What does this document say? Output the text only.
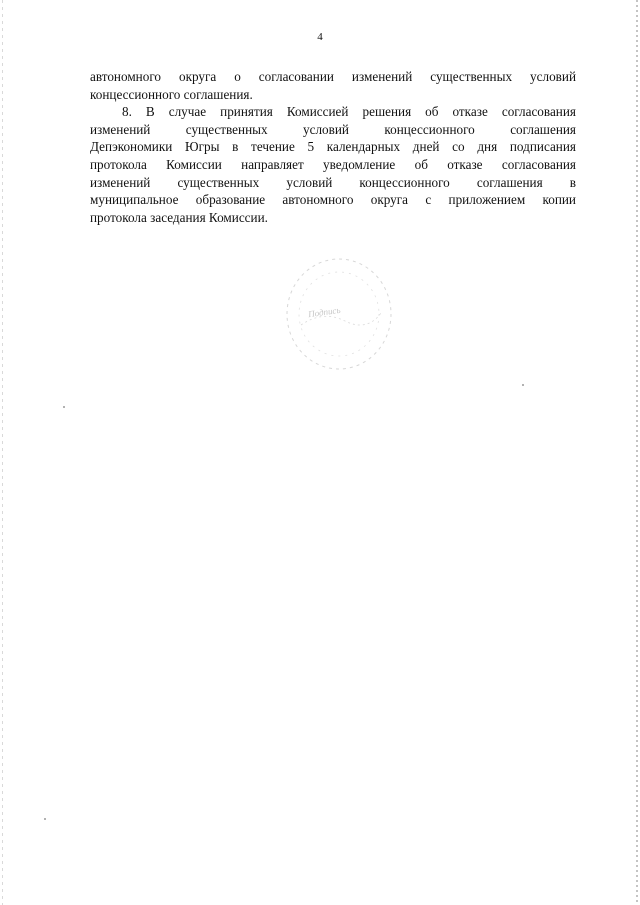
4
автономного округа о согласовании изменений существенных условий
концессионного соглашения.
8. В случае принятия Комиссией решения об отказе согласования
изменений существенных условий концессионного соглашения
Депэкономики Югры в течение 5 календарных дней со дня подписания
протокола Комиссии направляет уведомление об отказе согласования
изменений существенных условий концессионного соглашения в
муниципальное образование автономного округа с приложением копии
протокола заседания Комиссии.
Подпись
